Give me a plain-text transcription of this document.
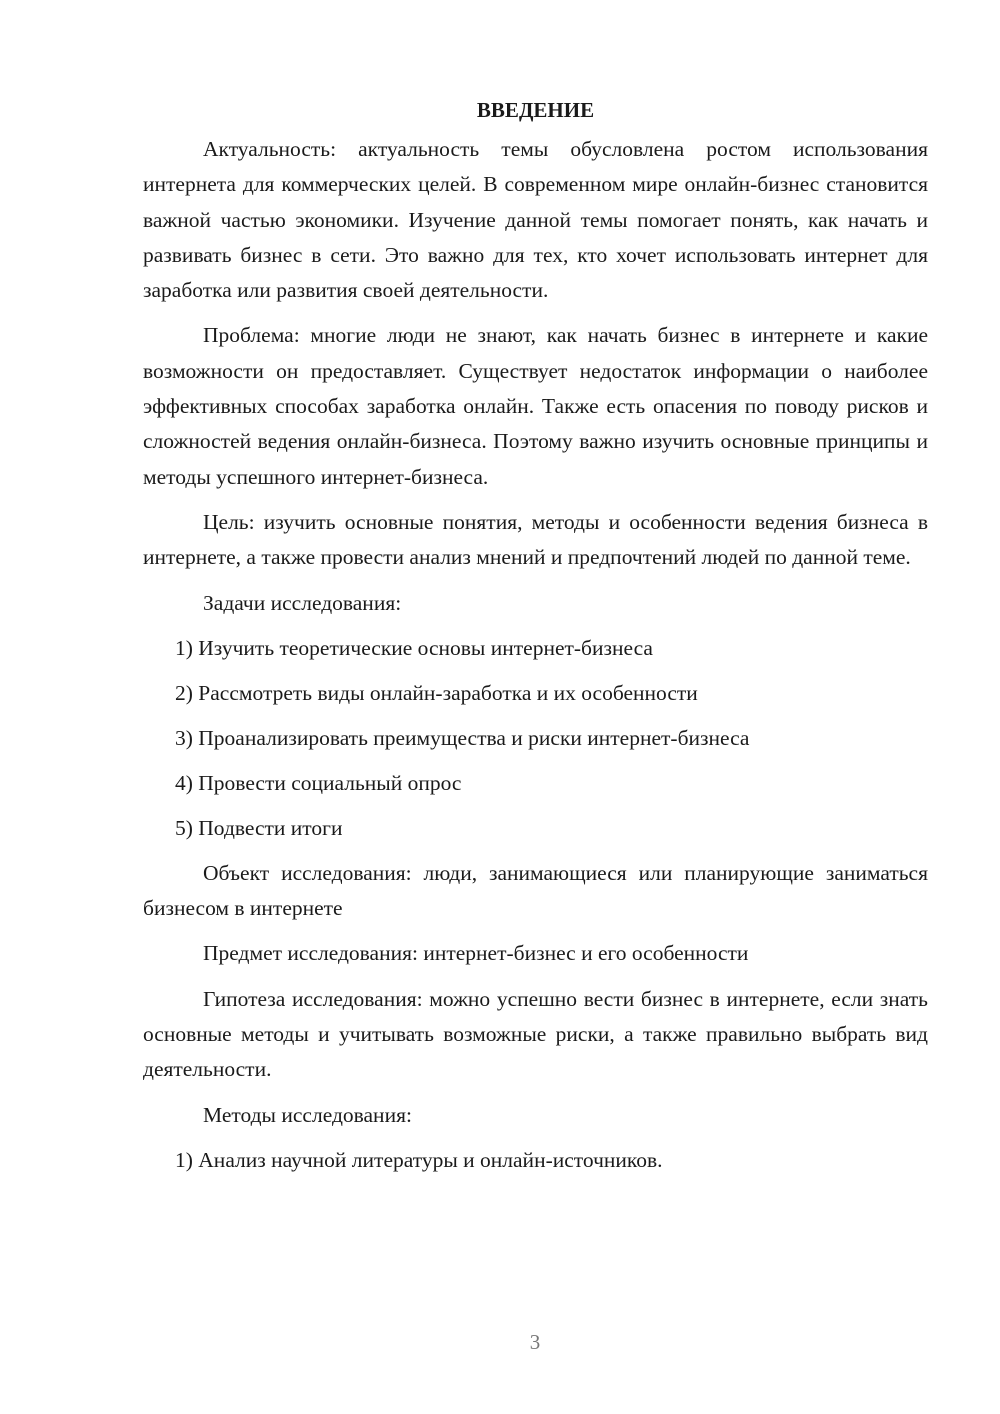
ВВЕДЕНИЕ

Актуальность: актуальность темы обусловлена ростом использования интернета для коммерческих целей. В современном мире онлайн-бизнес становится важной частью экономики. Изучение данной темы помогает понять, как начать и развивать бизнес в сети. Это важно для тех, кто хочет использовать интернет для заработка или развития своей деятельности.

Проблема: многие люди не знают, как начать бизнес в интернете и какие возможности он предоставляет. Существует недостаток информации о наиболее эффективных способах заработка онлайн. Также есть опасения по поводу рисков и сложностей ведения онлайн-бизнеса. Поэтому важно изучить основные принципы и методы успешного интернет-бизнеса.

Цель: изучить основные понятия, методы и особенности ведения бизнеса в интернете, а также провести анализ мнений и предпочтений людей по данной теме.

Задачи исследования:

1) Изучить теоретические основы интернет-бизнеса
2) Рассмотреть виды онлайн-заработка и их особенности
3) Проанализировать преимущества и риски интернет-бизнеса
4) Провести социальный опрос
5) Подвести итоги

Объект исследования: люди, занимающиеся или планирующие заниматься бизнесом в интернете

Предмет исследования: интернет-бизнес и его особенности

Гипотеза исследования: можно успешно вести бизнес в интернете, если знать основные методы и учитывать возможные риски, а также правильно выбрать вид деятельности.

Методы исследования:

1) Анализ научной литературы и онлайн-источников.
3
